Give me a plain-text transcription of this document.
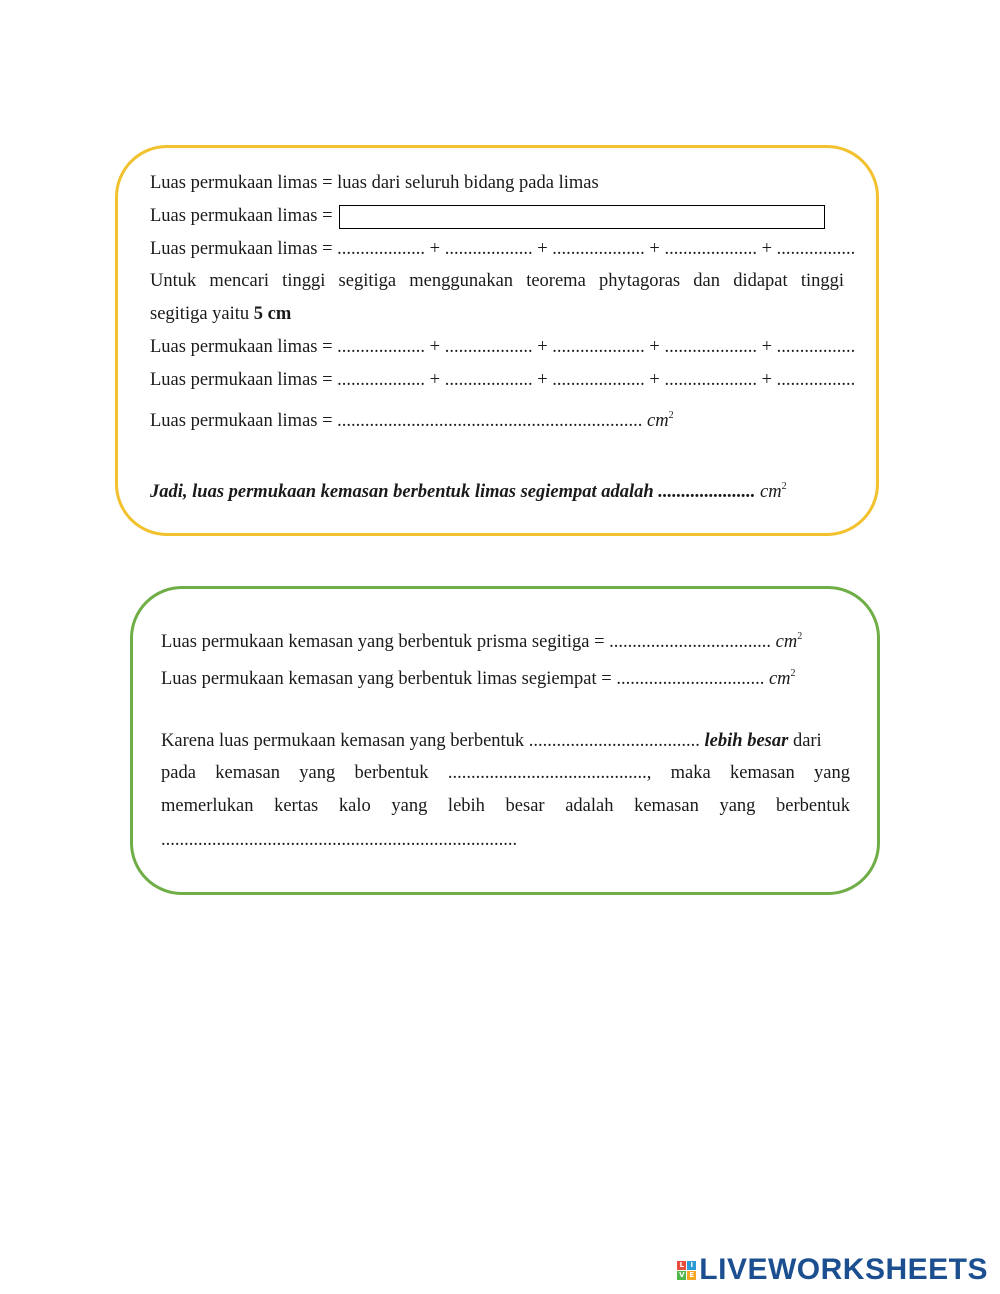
Luas permukaan limas = luas dari seluruh bidang pada limas
Luas permukaan limas =
Luas permukaan limas = ................... + ................... + .................... + .................... + .................
Untuk mencari tinggi segitiga menggunakan teorema phytagoras dan didapat tinggi
segitiga yaitu 5 cm
Luas permukaan limas = ................... + ................... + .................... + .................... + .................
Luas permukaan limas = ................... + ................... + .................... + .................... + .................
Luas permukaan limas = .................................................................. $cm^2$
Jadi, luas permukaan kemasan berbentuk limas segiempat adalah ..................... $cm^2$
Luas permukaan kemasan yang berbentuk prisma segitiga = ................................... $cm^2$
Luas permukaan kemasan yang berbentuk limas segiempat = ................................ $cm^2$
Karena luas permukaan kemasan yang berbentuk ..................................... lebih besar dari
pada kemasan yang berbentuk ..........................................., maka kemasan yang
memerlukan kertas kalo yang lebih besar adalah kemasan yang berbentuk
.............................................................................
L I
V E LIVEWORKSHEETS
